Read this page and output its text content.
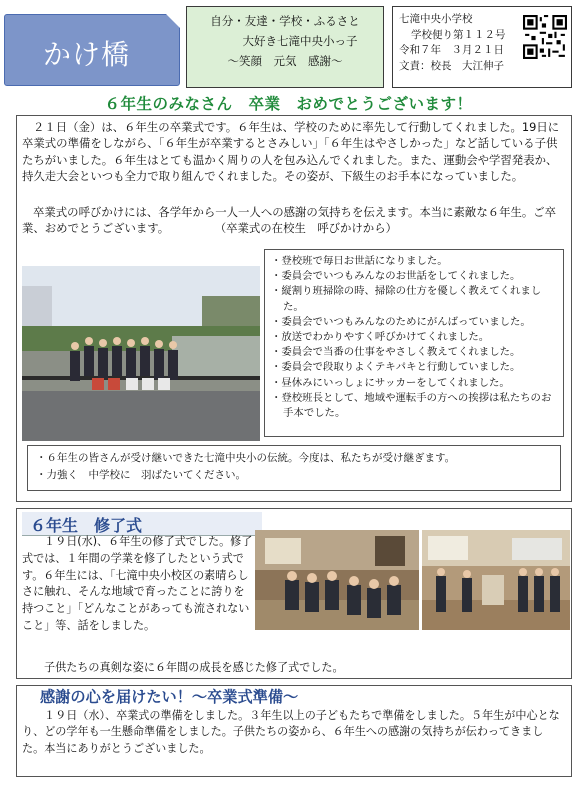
かけ橋
自分・友達・学校・ふるさと
大好き七滝中央小っ子
〜笑顔　元気　感謝〜
七滝中央小学校
学校便り第１１２号
令和７年　３月２１日
文責：校長　大江伸子
６年生のみなさん　卒業　おめでとうございます！
２１日（金）は、６年生の卒業式です。６年生は、学校のために率先して行動してくれました。19日に卒業式の準備をしながら、「６年生が卒業するとさみしい」「６年生はやさしかった」など話している子供たちがいました。６年生はとても温かく周りの人を包み込んでくれました。また、運動会や学習発表か、持久走大会といつも全力で取り組んでくれました。その姿が、下級生のお手本になっていました。
卒業式の呼びかけには、各学年から一人一人への感謝の気持ちを伝えます。本当に素敵な６年生。ご卒業、おめでとうございます。　　　　　（卒業式の在校生　呼びかけから）
・登校班で毎日お世話になりました。
・委員会でいつもみんなのお世話をしてくれました。
・縦割り班掃除の時、掃除の仕方を優しく教えてくれました。
・委員会でいつもみんなのためにがんばっていました。
・放送でわかりやすく呼びかけてくれました。
・委員会で当番の仕事をやさしく教えてくれました。
・委員会で段取りよくテキパキと行動していました。
・昼休みにいっしょにサッカーをしてくれました。
・登校班長として、地域や運転手の方への挨拶は私たちのお手本でした。
・６年生の皆さんが受け継いできた七滝中央小の伝統。今度は、私たちが受け継ぎます。
・力強く　中学校に　羽ばたいてください。
６年生　修了式
１９日(水)、６年生の修了式でした。修了式では、１年間の学業を修了したという式です。６年生には、「七滝中央小校区の素晴らしさに触れ、そんな地域で育ったことに誇りを持つこと」「どんなことがあっても流されないこと」等、話をしました。
子供たちの真剣な姿に６年間の成長を感じた修了式でした。
感謝の心を届けたい！〜卒業式準備〜
１９日（水）、卒業式の準備をしました。３年生以上の子どもたちで準備をしました。５年生が中心となり、どの学年も一生懸命準備をしました。子供たちの姿から、６年生への感謝の気持ちが伝わってきました。本当にありがとうございました。
